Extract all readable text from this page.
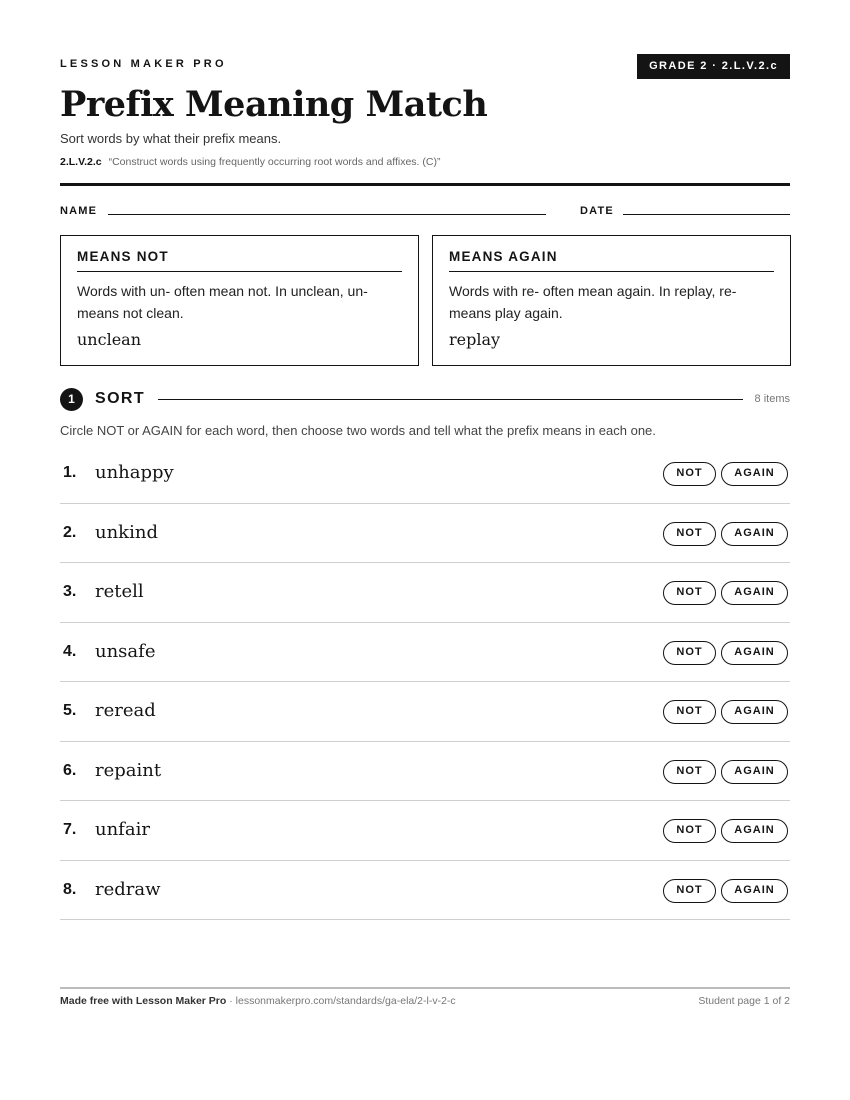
LESSON MAKER PRO	GRADE 2 · 2.L.V.2.c
Prefix Meaning Match
Sort words by what their prefix means.
2.L.V.2.c “Construct words using frequently occurring root words and affixes. (C)”
NAME	DATE
MEANS NOT
Words with un- often mean not. In unclean, un- means not clean.
unclean
MEANS AGAIN
Words with re- often mean again. In replay, re- means play again.
replay
1	SORT	8 items
Circle NOT or AGAIN for each word, then choose two words and tell what the prefix means in each one.
1. unhappy	NOT	AGAIN
2. unkind	NOT	AGAIN
3. retell	NOT	AGAIN
4. unsafe	NOT	AGAIN
5. reread	NOT	AGAIN
6. repaint	NOT	AGAIN
7. unfair	NOT	AGAIN
8. redraw	NOT	AGAIN
Made free with Lesson Maker Pro · lessonmakerpro.com/standards/ga-ela/2-l-v-2-c	Student page 1 of 2
